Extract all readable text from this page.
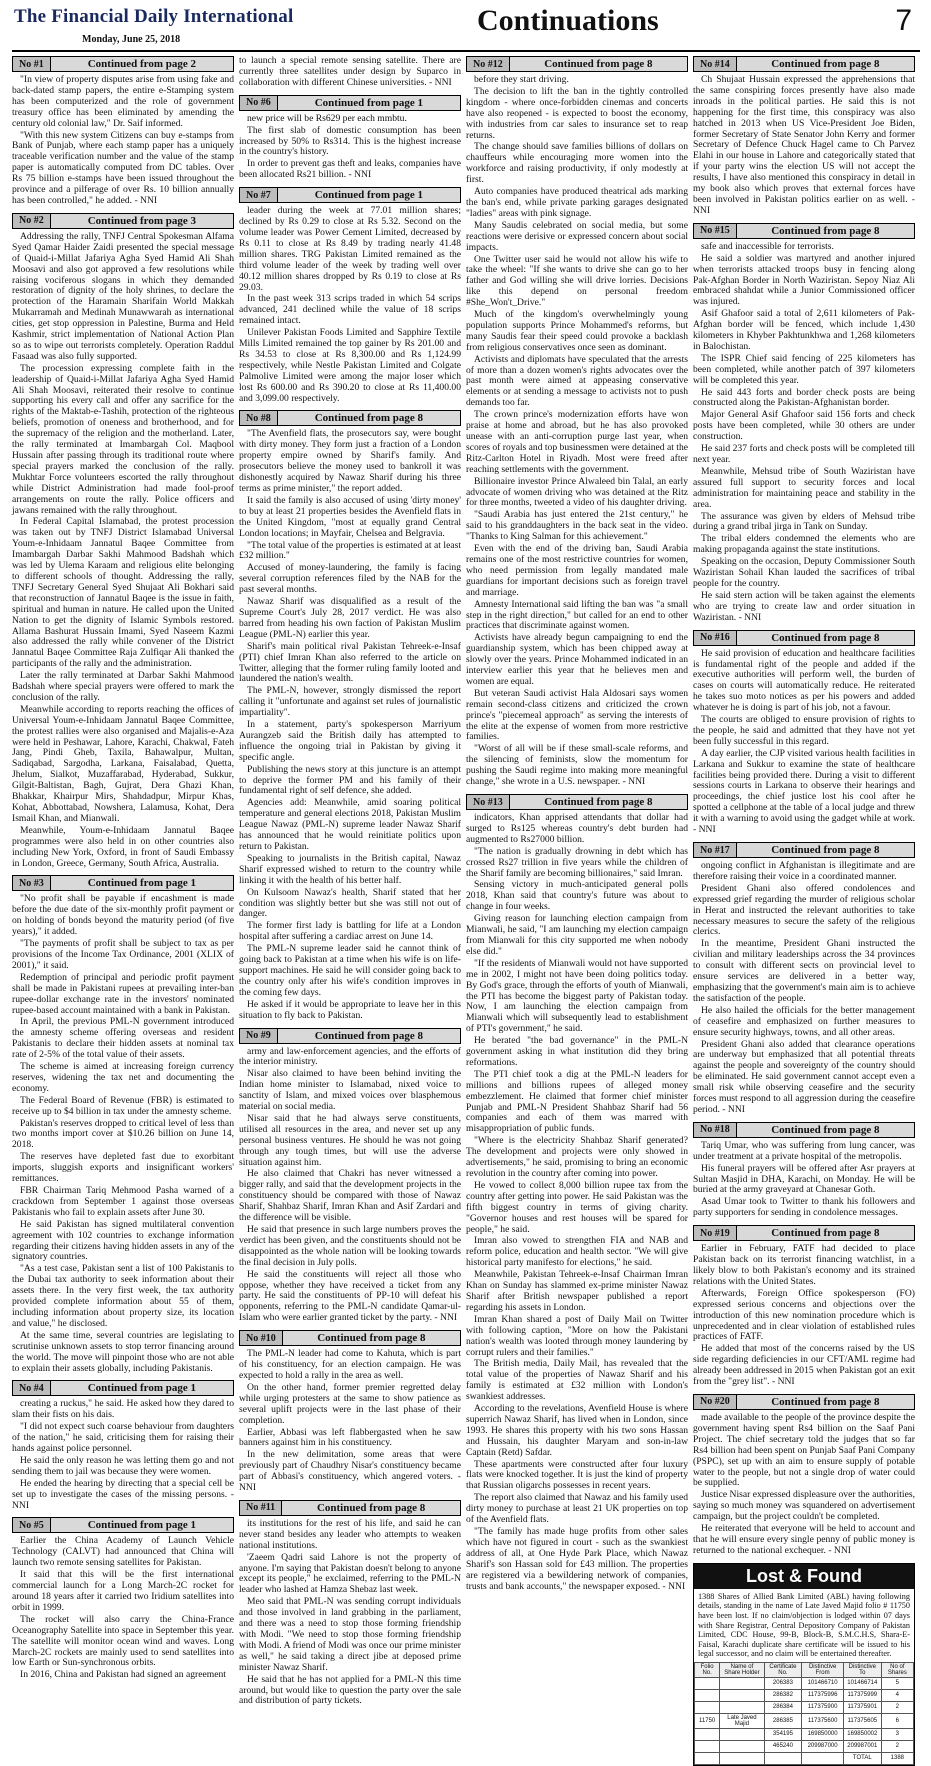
The Financial Daily International
Monday, June 25, 2018
Continuations	7
No #1	Continued from page 2

"In view of property disputes arise from using fake and back-dated stamp papers, the entire e-Stamping system has been computerized and the role of government treasury office has been eliminated by amending the century old colonial law," Dr. Saif informed.

"With this new system Citizens can buy e-stamps from Bank of Punjab, where each stamp paper has a uniquely traceable verification number and the value of the stamp paper is automatically computed from DC tables. Over Rs 75 billion e-stamps have been issued throughout the province and a pilferage of over Rs. 10 billion annually has been controlled," he added. - NNI

No #2	Continued from page 3

Addressing the rally, TNFJ Central Spokesman Alfama Syed Qamar Haider Zaidi presented the special message of Quaid-i-Millat Jafariya Agha Syed Hamid Ali Shah Moosavi and also got approved a few resolutions while raising vociferous slogans in which they demanded restoration of dignity of the holy shrines, to declare the protection of the Haramain Sharifain World Makkah Mukarramah and Medinah Munawwarah as international cities, get stop oppression in Palestine, Burma and Held Kashmir, strict implementation of National Action Plan so as to wipe out terrorists completely. Operation Raddul Fasaad was also fully supported.

The procession expressing complete faith in the leadership of Quaid-i-Millat Jafariya Agha Syed Hamid Ali Shah Moosavi, reiterated their resolve to continue supporting his every call and offer any sacrifice for the rights of the Maktab-e-Tashih, protection of the righteous beliefs, promotion of oneness and brotherhood, and for the supremacy of the religion and the motherland. Later, the rally terminated at Imambargah Col. Maqbool Hussain after passing through its traditional route where special prayers marked the conclusion of the rally. Mukhtar Force volunteers escorted the rally throughout while District Administration had made fool-proof arrangements on route the rally. Police officers and jawans remained with the rally throughout.

In Federal Capital Islamabad, the protest procession was taken out by TNFJ District Islamabad Universal Youm-e-Inhidaam Jannatul Baqee Committee from Imambargah Darbar Sakhi Mahmood Badshah which was led by Ulema Karaam and religious elite belonging to different schools of thought. Addressing the rally, TNFJ Secretary General Syed Shujaat Ali Bokhari said that reconstruction of Jannatul Baqee is the issue in faith, spiritual and human in nature. He called upon the United Nation to get the dignity of Islamic Symbols restored. Allama Bashurat Hussain Imami, Syed Naseem Kazmi also addressed the rally while convener of the District Jannatul Baqee Committee Raja Zulfiqar Ali thanked the participants of the rally and the administration.

Later the rally terminated at Darbar Sakhi Mahmood Badshah where special prayers were offered to mark the conclusion of the rally.

Meanwhile according to reports reaching the offices of Universal Youm-e-Inhidaam Jannatul Baqee Committee, the protest rallies were also organised and Majalis-e-Aza were held in Peshawar, Lahore, Karachi, Chakwal, Fateh Jang, Pindi Gheb, Taxila, Bahawalpur, Multan, Sadiqabad, Sargodha, Larkana, Faisalabad, Quetta, Jhelum, Sialkot, Muzaffarabad, Hyderabad, Sukkur, Gilgit-Baltistan, Bagh, Gujrat, Dera Ghazi Khan, Bhakkar, Khairpur Mirs, Shahdadpur, Mirpur Khas, Kohat, Abbottabad, Nowshera, Lalamusa, Kohat, Dera Ismail Khan, and Mianwali.

Meanwhile, Youm-e-Inhidaam Jannatul Baqee programmes were also held in on other countries also including New York, Oxford, in front of Saudi Embassy in London, Greece, Germany, South Africa, Australia.

No #3	Continued from page 1

"No profit shall be payable if encashment is made before the due date of the six-monthly profit payment or on holding of bonds beyond the maturity period (of five years)," it added.

"The payments of profit shall be subject to tax as per provisions of the Income Tax Ordinance, 2001 (XLIX of 2001)," it said.

Redemption of principal and periodic profit payment shall be made in Pakistani rupees at prevailing inter-ban rupee-dollar exchange rate in the investors' nominated rupee-based account maintained with a bank in Pakistan.

In April, the previous PML-N government introduced the amnesty scheme offering overseas and resident Pakistanis to declare their hidden assets at nominal tax rate of 2-5% of the total value of their assets.

The scheme is aimed at increasing foreign currency reserves, widening the tax net and documenting the economy.

The Federal Board of Revenue (FBR) is estimated to receive up to $4 billion in tax under the amnesty scheme.

Pakistan's reserves dropped to critical level of less than two months import cover at $10.26 billion on June 14, 2018.

The reserves have depleted fast due to exorbitant imports, sluggish exports and insignificant workers' remittances.

FBR Chairman Tariq Mehmood Pasha warned of a crackdown from September 1 against those overseas Pakistanis who fail to explain assets after June 30.

He said Pakistan has signed multilateral convention agreement with 102 countries to exchange information regarding their citizens having hidden assets in any of the signatory countries.

"As a test case, Pakistan sent a list of 100 Pakistanis to the Dubai tax authority to seek information about their assets there. In the very first week, the tax authority provided complete information about 55 of them, including information about property size, its location and value," he disclosed.

At the same time, several countries are legislating to scrutinise unknown assets to stop terror financing around the world. The move will pinpoint those who are not able to explain their assets globally, including Pakistanis.

No #4	Continued from page 1

creating a ruckus," he said. He asked how they dared to slam their fists on his dais.

"I did not expect such coarse behaviour from daughters of the nation," he said, criticising them for raising their hands against police personnel.

He said the only reason he was letting them go and not sending them to jail was because they were women.

He ended the hearing by directing that a special cell be set up to investigate the cases of the missing persons. - NNI

No #5	Continued from page 1

Earlier the China Academy of Launch Vehicle Technology (CALVT) had announced that China will launch two remote sensing satellites for Pakistan.

It said that this will be the first international commercial launch for a Long March-2C rocket for around 18 years after it carried two Iridium satellites into orbit in 1999.

The rocket will also carry the China-France Oceanography Satellite into space in September this year. The satellite will monitor ocean wind and waves. Long March-2C rockets are mainly used to send satellites into low Earth or Sun-synchronous orbits.

In 2016, China and Pakistan had signed an agreement

to launch a special remote sensing satellite. There are currently three satellites under design by Suparco in collaboration with different Chinese universities. - NNI

No #6	Continued from page 1

new price will be Rs629 per each mmbtu.

The first slab of domestic consumption has been increased by 50% to Rs314. This is the highest increase in the country's history.

In order to prevent gas theft and leaks, companies have been allocated Rs21 billion. - NNI

No #7	Continued from page 1

leader during the week at 77.01 million shares; declined by Rs 0.29 to close at Rs 5.32. Second on the volume leader was Power Cement Limited, decreased by Rs 0.11 to close at Rs 8.49 by trading nearly 41.48 million shares. TRG Pakistan Limited remained as the third volume leader of the week by trading well over 40.12 million shares dropped by Rs 0.19 to close at Rs 29.03.

In the past week 313 scrips traded in which 54 scrips advanced, 241 declined while the value of 18 scrips remained intact.

Unilever Pakistan Foods Limited and Sapphire Textile Mills Limited remained the top gainer by Rs 201.00 and Rs 34.53 to close at Rs 8,300.00 and Rs 1,124.99 respectively, while Nestle Pakistan Limited and Colgate Palmolive Limited were among the major loser which lost Rs 600.00 and Rs 390.20 to close at Rs 11,400.00 and 3,099.00 respectively.

No #8	Continued from page 8

"The Avenfield flats, the prosecutors say, were bought with dirty money. They form just a fraction of a London property empire owned by Sharif's family. And prosecutors believe the money used to bankroll it was dishonestly acquired by Nawaz Sharif during his three terms as prime minister," the report added.

It said the family is also accused of using 'dirty money' to buy at least 21 properties besides the Avenfield flats in the United Kingdom, "most at equally grand Central London locations; in Mayfair, Chelsea and Belgravia.

"The total value of the properties is estimated at at least £32 million."

Accused of money-laundering, the family is facing several corruption references filed by the NAB for the past several months.

Nawaz Sharif was disqualified as a result of the Supreme Court's July 28, 2017 verdict. He was also barred from heading his own faction of Pakistan Muslim League (PML-N) earlier this year.

Sharif's main political rival Pakistan Tehreek-e-Insaf (PTI) chief Imran Khan also referred to the article on Twitter, alleging that the former ruling family looted and laundered the nation's wealth.

The PML-N, however, strongly dismissed the report calling it "unfortunate and against set rules of journalistic impartiality".

In a statement, party's spokesperson Marriyum Aurangzeb said the British daily has attempted to influence the ongoing trial in Pakistan by giving it specific angle.

Publishing the news story at this juncture is an attempt to deprive the former PM and his family of their fundamental right of self defence, she added.

Agencies add: Meanwhile, amid soaring political temperature and general elections 2018, Pakistan Muslim League Nawaz (PML-N) supreme leader Nawaz Sharif has announced that he would reinitiate politics upon return to Pakistan.

Speaking to journalists in the British capital, Nawaz Sharif expressed wished to return to the country while linking it with the health of his better half.

On Kulsoom Nawaz's health, Sharif stated that her condition was slightly better but she was still not out of danger.

The former first lady is battling for life at a London hospital after suffering a cardiac arrest on June 14.

The PML-N supreme leader said he cannot think of going back to Pakistan at a time when his wife is on life-support machines. He said he will consider going back to the country only after his wife's condition improves in the coming few days.

He asked if it would be appropriate to leave her in this situation to fly back to Pakistan.

No #9	Continued from page 8

army and law-enforcement agencies, and the efforts of the interior ministry.

Nisar also claimed to have been behind inviting the Indian home minister to Islamabad, nixed voice to sanctity of Islam, and mixed voices over blasphemous material on social media.

Nisar said that he had always serve constituents, utilised all resources in the area, and never set up any personal business ventures. He should he was not going through any tough times, but will use the adverse situation against him.

He also claimed that Chakri has never witnessed a bigger rally, and said that the development projects in the constituency should be compared with those of Nawaz Sharif, Shahbaz Sharif, Imran Khan and Asif Zardari and the difference will be visible.

He said that presence in such large numbers proves the verdict has been given, and the constituents should not be disappointed as the whole nation will be looking towards the final decision in July polls.

He said the constituents will reject all those who oppose, whether they have received a ticket from any party. He said the constituents of PP-10 will defeat his opponents, referring to the PML-N candidate Qamar-ul-Islam who were earlier granted ticket by the party. - NNI

No #10	Continued from page 8

The PML-N leader had come to Kahuta, which is part of his constituency, for an election campaign. He was expected to hold a rally in the area as well.

On the other hand, former premier regretted delay while urging protesters at the same to show patience as several uplift projects were in the last phase of their completion.

Earlier, Abbasi was left flabbergasted when he saw banners against him in his constituency.

In the new delimitation, some areas that were previously part of Chaudhry Nisar's constituency became part of Abbasi's constituency, which angered voters. - NNI

No #11	Continued from page 8

its institutions for the rest of his life, and said he can never stand besides any leader who attempts to weaken national institutions.

'Zaeem Qadri said Lahore is not the property of anyone. I'm saying that Pakistan doesn't belong to anyone except its people," he exclaimed, referring to the PML-N leader who lashed at Hamza Shebaz last week.

Meo said that PML-N was sending corrupt individuals and those involved in land grabbing in the parliament, and there was a need to stop those forming friendship with Modi. "We need to stop those forming friendship with Modi. A friend of Modi was once our prime minister as well," he said taking a direct jibe at deposed prime minister Nawaz Sharif.

He said that he has not applied for a PML-N this time around, but would like to question the party over the sale and distribution of party tickets.

No #12	Continued from page 8

before they start driving.

The decision to lift the ban in the tightly controlled kingdom - where once-forbidden cinemas and concerts have also reopened - is expected to boost the economy, with industries from car sales to insurance set to reap returns.

The change should save families billions of dollars on chauffeurs while encouraging more women into the workforce and raising productivity, if only modestly at first.

Auto companies have produced theatrical ads marking the ban's end, while private parking garages designated "ladies" areas with pink signage.

Many Saudis celebrated on social media, but some reactions were derisive or expressed concern about social impacts.

One Twitter user said he would not allow his wife to take the wheel: "If she wants to drive she can go to her father and God willing she will drive lorries. Decisions like this depend on personal freedom #She_Won't_Drive."

Much of the kingdom's overwhelmingly young population supports Prince Mohammed's reforms, but many Saudis fear their speed could provoke a backlash from religious conservatives once seen as dominant.

Activists and diplomats have speculated that the arrests of more than a dozen women's rights advocates over the past month were aimed at appeasing conservative elements or at sending a message to activists not to push demands too far.

The crown prince's modernization efforts have won praise at home and abroad, but he has also provoked unease with an anti-corruption purge last year, when scores of royals and top businessmen were detained at the Ritz-Carlton Hotel in Riyadh. Most were freed after reaching settlements with the government.

Billionaire investor Prince Alwaleed bin Talal, an early advocate of women driving who was detained at the Ritz for three months, tweeted a video of his daughter driving.

"Saudi Arabia has just entered the 21st century," he said to his granddaughters in the back seat in the video. "Thanks to King Salman for this achievement."

Even with the end of the driving ban, Saudi Arabia remains one of the most restrictive countries for women, who need permission from legally mandated male guardians for important decisions such as foreign travel and marriage.

Amnesty International said lifting the ban was "a small step in the right direction," but called for an end to other practices that discriminate against women.

Activists have already begun campaigning to end the guardianship system, which has been chipped away at slowly over the years. Prince Mohammed indicated in an interview earlier this year that he believes men and women are equal.

But veteran Saudi activist Hala Aldosari says women remain second-class citizens and criticized the crown prince's "piecemeal approach" as serving the interests of the elite at the expense of women from more restrictive families.

"Worst of all will be if these small-scale reforms, and the silencing of feminists, slow the momentum for pushing the Saudi regime into making more meaningful change," she wrote in a U.S. newspaper. - NNI

No #13	Continued from page 8

indicators, Khan apprised attendants that dollar had surged to Rs125 whereas country's debt burden had augmented to Rs27000 billion.

"The nation is gradually drowning in debt which has crossed Rs27 trillion in five years while the children of the Sharif family are becoming billionaires," said Imran.

Sensing victory in much-anticipated general polls 2018, Khan said that country's future was about to change in four weeks.

Giving reason for launching election campaign from Mianwali, he said, "I am launching my election campaign from Mianwali for this city supported me when nobody else did."

"If the residents of Mianwali would not have supported me in 2002, I might not have been doing politics today. By God's grace, through the efforts of youth of Mianwali, the PTI has become the biggest party of Pakistan today. Now, I am launching the election campaign from Mianwali which will subsequently lead to establishment of PTI's government," he said.

He berated "the bad governance" in the PML-N government asking in what institution did they bring reformations.

The PTI chief took a dig at the PML-N leaders for millions and billions rupees of alleged money embezzlement. He claimed that former chief minister Punjab and PML-N President Shahbaz Sharif had 56 companies and each of them was marred with misappropriation of public funds.

"Where is the electricity Shahbaz Sharif generated? The development and projects were only showed in advertisements," he said, promising to bring an economic revolution in the country after coming into power.

He vowed to collect 8,000 billion rupee tax from the country after getting into power. He said Pakistan was the fifth biggest country in terms of giving charity. "Governor houses and rest houses will be spared for people," he said.

Imran also vowed to strengthen FIA and NAB and reform police, education and health sector. "We will give historical party manifesto for elections," he said.

Meanwhile, Pakistan Tehreek-e-Insaf Chairman Imran Khan on Sunday has slammed ex-prime minister Nawaz Sharif after British newspaper published a report regarding his assets in London.

Imran Khan shared a post of Daily Mail on Twitter with following caption, "More on how the Pakistani nation's wealth was looted through money laundering by corrupt rulers and their families."

The British media, Daily Mail, has revealed that the total value of the properties of Nawaz Sharif and his family is estimated at £32 million with London's swankiest addresses.

According to the revelations, Avenfield House is where superrich Nawaz Sharif, has lived when in London, since 1993. He shares this property with his two sons Hassan and Hussain, his daughter Maryam and son-in-law Captain (Retd) Safdar.

These apartments were constructed after four luxury flats were knocked together. It is just the kind of property that Russian oligarchs possesses in recent years.

The report also claimed that Nawaz and his family used dirty money to purchase at least 21 UK properties on top of the Avenfield flats.

"The family has made huge profits from other sales which have not figured in court - such as the swankiest address of all, at One Hyde Park Place, which Nawaz Sharif's son Hassan sold for £43 million. The properties are registered via a bewildering network of companies, trusts and bank accounts," the newspaper exposed. - NNI

No #14	Continued from page 8

Ch Shujaat Hussain expressed the apprehensions that the same conspiring forces presently have also made inroads in the political parties. He said this is not happening for the first time, this conspiracy was also hatched in 2013 when US Vice-President Joe Biden, former Secretary of State Senator John Kerry and former Secretary of Defence Chuck Hagel came to Ch Parvez Elahi in our house in Lahore and categorically stated that if your party wins the election US will not accept the results, I have also mentioned this conspiracy in detail in my book also which proves that external forces have been involved in Pakistan politics earlier on as well. - NNI

No #15	Continued from page 8

safe and inaccessible for terrorists.

He said a soldier was martyred and another injured when terrorists attacked troops busy in fencing along Pak-Afghan Border in North Waziristan. Sepoy Niaz Ali embraced shahdat while a Junior Commissioned officer was injured.

Asif Ghafoor said a total of 2,611 kilometers of Pak-Afghan border will be fenced, which include 1,430 kilometers in Khyber Pakhtunkhwa and 1,268 kilometers in Balochistan.

The ISPR Chief said fencing of 225 kilometers has been completed, while another patch of 397 kilometers will be completed this year.

He said 443 forts and border check posts are being constructed along the Pakistan-Afghanistan border.

Major General Asif Ghafoor said 156 forts and check posts have been completed, while 30 others are under construction.

He said 237 forts and check posts will be completed till next year.

Meanwhile, Mehsud tribe of South Waziristan have assured full support to security forces and local administration for maintaining peace and stability in the area.

The assurance was given by elders of Mehsud tribe during a grand tribal jirga in Tank on Sunday.

The tribal elders condemned the elements who are making propaganda against the state institutions.

Speaking on the occasion, Deputy Commissioner South Waziristan Sohail Khan lauded the sacrifices of tribal people for the country.

He said stern action will be taken against the elements who are trying to create law and order situation in Waziristan. - NNI

No #16	Continued from page 8

He said provision of education and healthcare facilities is fundamental right of the people and added if the executive authorities will perform well, the burden of cases on courts will automatically reduce. He reiterated he takes suo moto notices as per his powers and added whatever he is doing is part of his job, not a favour.

The courts are obliged to ensure provision of rights to the people, he said and admitted that they have not yet been fully successful in this regard.

A day earlier, the CJP visited various health facilities in Larkana and Sukkur to examine the state of healthcare facilities being provided there. During a visit to different sessions courts in Larkana to observe their hearings and proceedings, the chief justice lost his cool after he spotted a cellphone at the table of a local judge and threw it with a warning to avoid using the gadget while at work. - NNI

No #17	Continued from page 8

ongoing conflict in Afghanistan is illegitimate and are therefore raising their voice in a coordinated manner.

President Ghani also offered condolences and expressed grief regarding the murder of religious scholar in Herat and instructed the relevant authorities to take necessary measures to secure the safety of the religious clerics.

In the meantime, President Ghani instructed the civilian and military leaderships across the 34 provinces to consult with different sects on provincial level to ensure services are delivered in a better way, emphasizing that the government's main aim is to achieve the satisfaction of the people.

He also hailed the officials for the better management of ceasefire and emphasized on further measures to ensure security highways, towns, and all other areas.

President Ghani also added that clearance operations are underway but emphasized that all potential threats against the people and sovereignty of the country should be eliminated. He said government cannot accept even a small risk while observing ceasefire and the security forces must respond to all aggression during the ceasefire period. - NNI

No #18	Continued from page 8

Tariq Umar, who was suffering from lung cancer, was under treatment at a private hospital of the metropolis.

His funeral prayers will be offered after Asr prayers at Sultan Masjid in DHA, Karachi, on Monday. He will be buried at the army graveyard at Chanesar Goth.

Asad Umar took to Twitter to thank his followers and party supporters for sending in condolence messages.

No #19	Continued from page 8

Earlier in February, FATF had decided to place Pakistan back on its terrorist financing watchlist, in a likely blow to both Pakistan's economy and its strained relations with the United States.

Afterwards, Foreign Office spokesperson (FO) expressed serious concerns and objections over the introduction of this new nomination procedure which is unprecedented and in clear violation of established rules practices of FATF.

He added that most of the concerns raised by the US side regarding deficiencies in our CFT/AML regime had already been addressed in 2015 when Pakistan got an exit from the "grey list". - NNI

No #20	Continued from page 8

made available to the people of the province despite the government having spent Rs4 billion on the Saaf Pani Project. The chief secretary told the judges that so far Rs4 billion had been spent on Punjab Saaf Pani Company (PSPC), set up with an aim to ensure supply of potable water to the people, but not a single drop of water could be supplied.

Justice Nisar expressed displeasure over the authorities, saying so much money was squandered on advertisement campaign, but the project couldn't be completed.

He reiterated that everyone will be held to account and that he will ensure every single penny of public money is returned to the national exchequer. - NNI

Lost & Found
1388 Shares of Allied Bank Limited (ABL) having following details, standing in the name of Late Javed Majid folio # 11750 have been lost. If no claim/objection is lodged within 07 days with Share Registrar, Central Depository Company of Pakistan Limited, CDC House, 99-B, Block-B, S.M.C.H.S, Shara-E-Faisal, Karachi duplicate share certificate will be issued to his legal successor, and no claim will be entertained thereafter.
Folio No.	Name of Share Holder	Certificate No.	Distinctive From	Distinctive To	No of Shares
		206383	101466710	101466714	5
		286382	117375996	117375999	4
		286384	117375900	117375901	2
11750	Late Javed Majid	286385	117375600	117375605	6
		354195	169850000	169850002	3
		465240	209987000	209987001	2
				TOTAL	1388
